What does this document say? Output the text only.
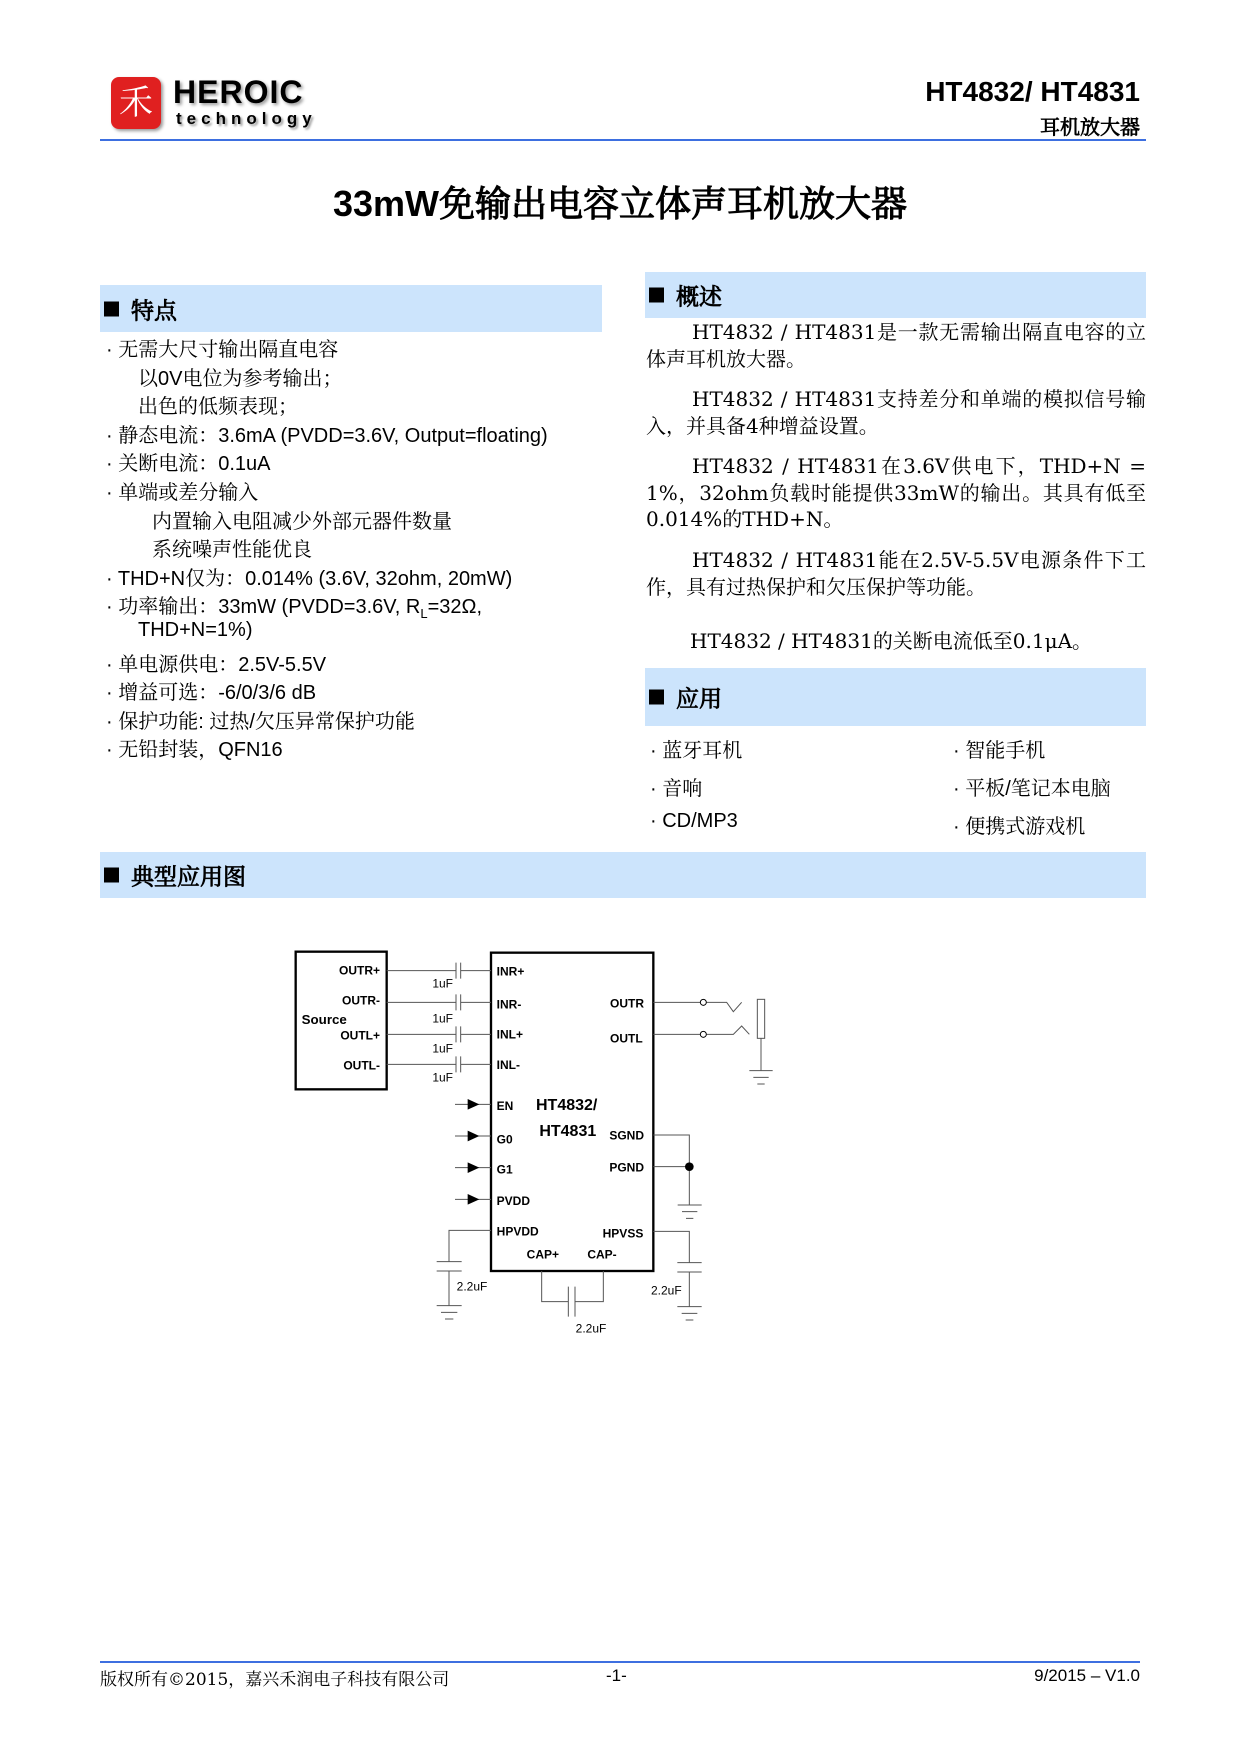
禾 HEROIC
technology
HT4832/ HT4831
耳机放大器
33mW免输出电容立体声耳机放大器
特点
· 无需大尺寸输出隔直电容
以0V电位为参考输出；
出色的低频表现；
· 静态电流：3.6mA (PVDD=3.6V, Output=floating)
· 关断电流：0.1uA
· 单端或差分输入
内置输入电阻减少外部元器件数量
系统噪声性能优良
· THD+N仅为：0.014% (3.6V, 32ohm, 20mW)
· 功率输出：33mW (PVDD=3.6V, $R_L=32\Omega$,
THD+N=1%)
· 单电源供电：2.5V-5.5V
· 增益可选：-6/0/3/6 dB
· 保护功能: 过热/欠压异常保护功能
· 无铅封装，QFN16
概述
HT4832 / HT4831是一款无需输出隔直电容的立体声耳机放大器。
HT4832 / HT4831支持差分和单端的模拟信号输入，并具备4种增益设置。
HT4832 / HT4831在3.6V供电下，THD+N = 1%，32ohm负载时能提供33mW的输出。其具有低至0.014%的THD+N。
HT4832 / HT4831能在2.5V-5.5V电源条件下工作，具有过热保护和欠压保护等功能。
HT4832 / HT4831的关断电流低至0.1μA。
应用
· 蓝牙耳机	· 智能手机
· 音响	· 平板/笔记本电脑
· CD/MP3	· 便携式游戏机
典型应用图
Source
OUTR+
OUTR-
OUTL+
OUTL-
INR+
INR-
INL+
INL-
EN
G0
G1
PVDD
HPVDD
OUTR
OUTL
SGND
PGND
HPVSS
CAP+ CAP-
HT4832/
HT4831
1uF
1uF
1uF
1uF
2.2uF
2.2uF
2.2uF
版权所有©2015，嘉兴禾润电子科技有限公司	-1-	9/2015 – V1.0
